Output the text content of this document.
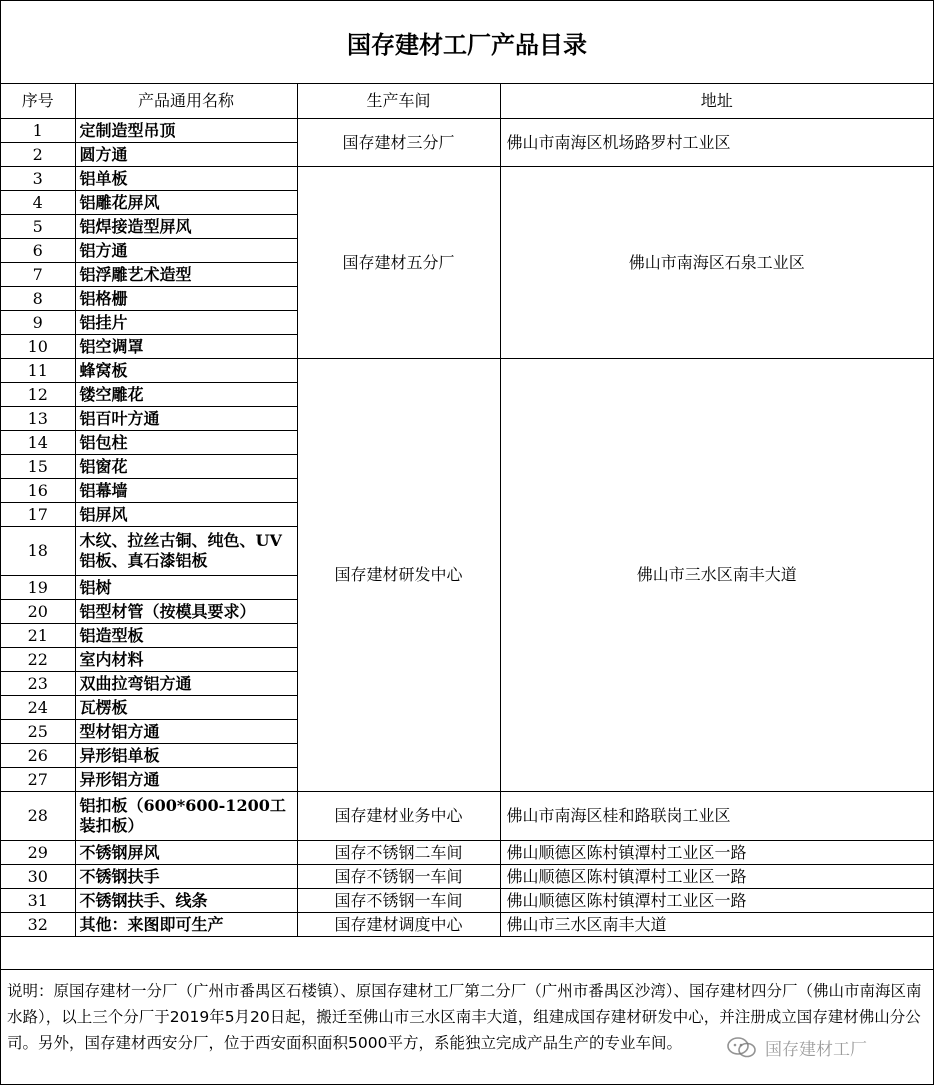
国存建材工厂产品目录
序号	产品通用名称	生产车间	地址
1	定制造型吊顶	国存建材三分厂	佛山市南海区机场路罗村工业区
2	圆方通		
3	铝单板	国存建材五分厂	佛山市南海区石泉工业区
4	铝雕花屏风		
5	铝焊接造型屏风		
6	铝方通		
7	铝浮雕艺术造型		
8	铝格栅		
9	铝挂片		
10	铝空调罩		
11	蜂窝板	国存建材研发中心	佛山市三水区南丰大道
12	镂空雕花		
13	铝百叶方通		
14	铝包柱		
15	铝窗花		
16	铝幕墙		
17	铝屏风		
18	木纹、拉丝古铜、纯色、UV铝板、真石漆铝板		
19	铝树		
20	铝型材管（按模具要求）		
21	铝造型板		
22	室内材料		
23	双曲拉弯铝方通		
24	瓦楞板		
25	型材铝方通		
26	异形铝单板		
27	异形铝方通		
28	铝扣板（600*600-1200工装扣板）	国存建材业务中心	佛山市南海区桂和路联岗工业区
29	不锈钢屏风	国存不锈钢二车间	佛山顺德区陈村镇潭村工业区一路
30	不锈钢扶手	国存不锈钢一车间	佛山顺德区陈村镇潭村工业区一路
31	不锈钢扶手、线条	国存不锈钢一车间	佛山顺德区陈村镇潭村工业区一路
32	其他：来图即可生产	国存建材调度中心	佛山市三水区南丰大道
说明：原国存建材一分厂（广州市番禺区石楼镇）、原国存建材工厂第二分厂（广州市番禺区沙湾）、国存建材四分厂（佛山市南海区南水路），以上三个分厂于2019年5月20日起，搬迁至佛山市三水区南丰大道，组建成国存建材研发中心，并注册成立国存建材佛山分公司。另外，国存建材西安分厂，位于西安面积面积5000平方，系能独立完成产品生产的专业车间。	国存建材工厂
